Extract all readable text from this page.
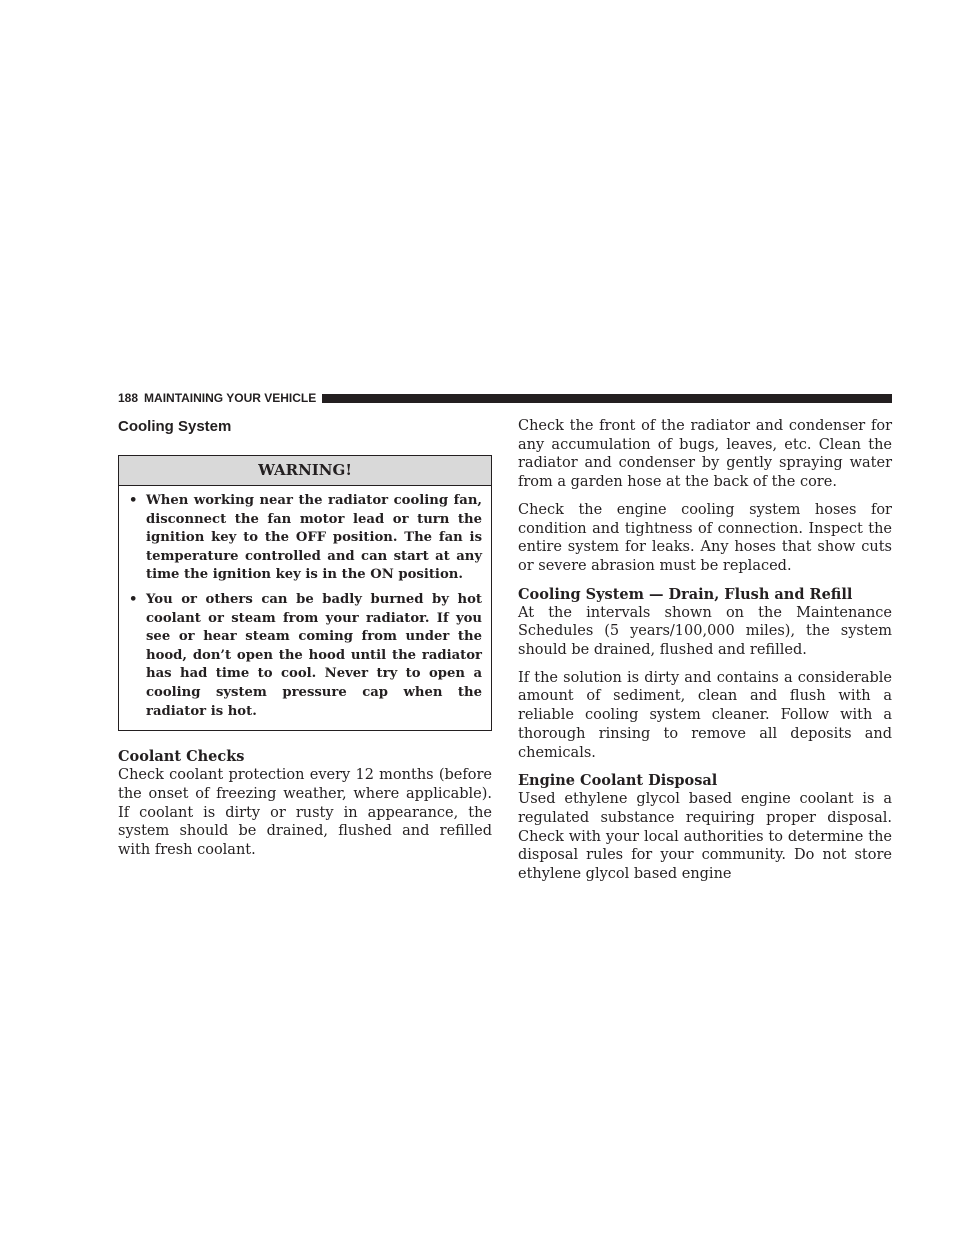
188 MAINTAINING YOUR VEHICLE
Cooling System
WARNING!
• When working near the radiator cooling fan, disconnect the fan motor lead or turn the ignition key to the OFF position. The fan is temperature controlled and can start at any time the ignition key is in the ON position.
• You or others can be badly burned by hot coolant or steam from your radiator. If you see or hear steam coming from under the hood, don’t open the hood until the radiator has had time to cool. Never try to open a cooling system pressure cap when the radiator is hot.
Coolant Checks

Check coolant protection every 12 months (before the onset of freezing weather, where applicable). If coolant is dirty or rusty in appearance, the system should be drained, flushed and refilled with fresh coolant.

Check the front of the radiator and condenser for any accumulation of bugs, leaves, etc. Clean the radiator and condenser by gently spraying water from a garden hose at the back of the core.

Check the engine cooling system hoses for condition and tightness of connection. Inspect the entire system for leaks. Any hoses that show cuts or severe abrasion must be replaced.

Cooling System — Drain, Flush and Refill

At the intervals shown on the Maintenance Schedules (5 years/100,000 miles), the system should be drained, flushed and refilled.

If the solution is dirty and contains a considerable amount of sediment, clean and flush with a reliable cooling system cleaner. Follow with a thorough rinsing to remove all deposits and chemicals.

Engine Coolant Disposal

Used ethylene glycol based engine coolant is a regulated substance requiring proper disposal. Check with your local authorities to determine the disposal rules for your community. Do not store ethylene glycol based engine
